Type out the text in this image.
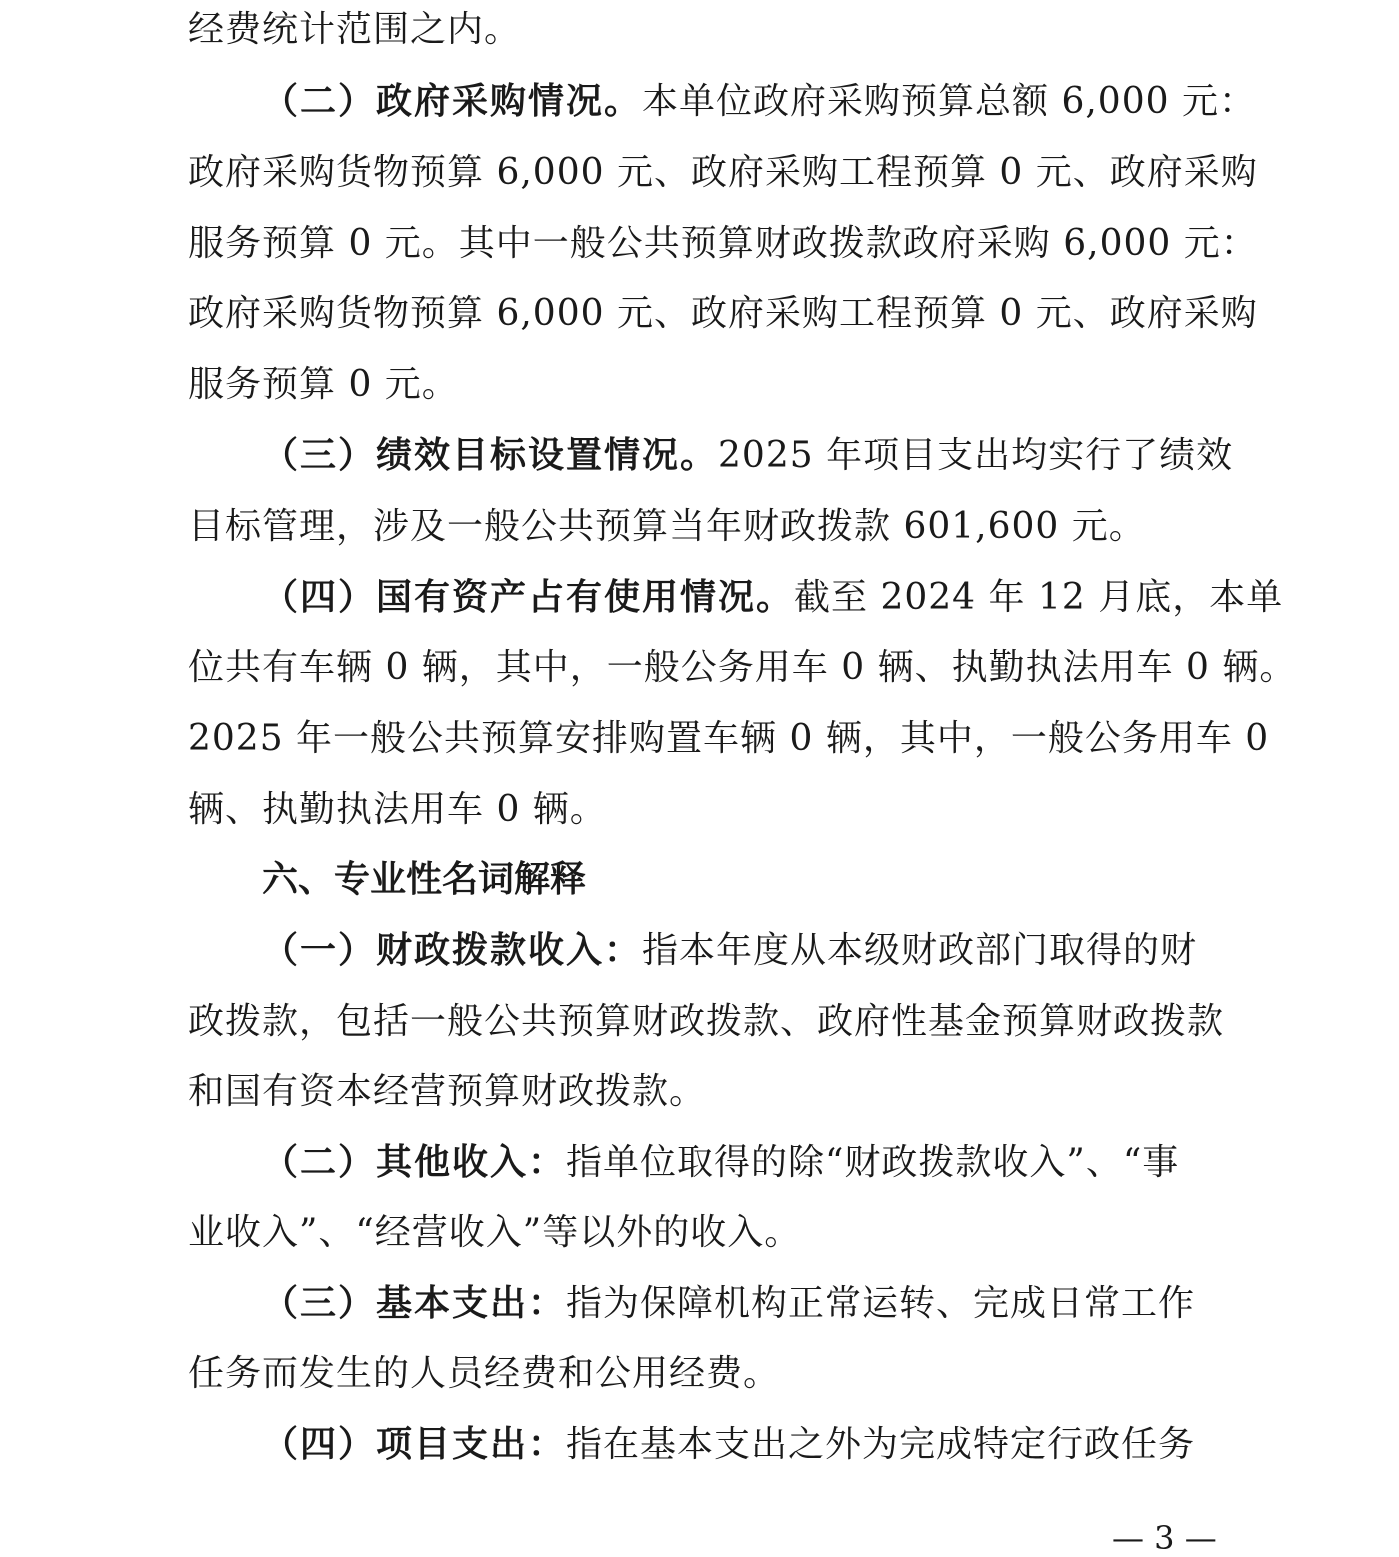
经费统计范围之内。
（二）政府采购情况。本单位政府采购预算总额 6,000 元：
政府采购货物预算 6,000 元、政府采购工程预算 0 元、政府采购
服务预算 0 元。其中一般公共预算财政拨款政府采购 6,000 元：
政府采购货物预算 6,000 元、政府采购工程预算 0 元、政府采购
服务预算 0 元。
（三）绩效目标设置情况。2025 年项目支出均实行了绩效
目标管理，涉及一般公共预算当年财政拨款 601,600 元。
（四）国有资产占有使用情况。截至 2024 年 12 月底，本单
位共有车辆 0 辆，其中，一般公务用车 0 辆、执勤执法用车 0 辆。
2025 年一般公共预算安排购置车辆 0 辆，其中，一般公务用车 0
辆、执勤执法用车 0 辆。
六、专业性名词解释
（一）财政拨款收入：指本年度从本级财政部门取得的财
政拨款，包括一般公共预算财政拨款、政府性基金预算财政拨款
和国有资本经营预算财政拨款。
（二）其他收入：指单位取得的除“财政拨款收入”、“事
业收入”、“经营收入”等以外的收入。
（三）基本支出：指为保障机构正常运转、完成日常工作
任务而发生的人员经费和公用经费。
（四）项目支出：指在基本支出之外为完成特定行政任务
— 3 —
